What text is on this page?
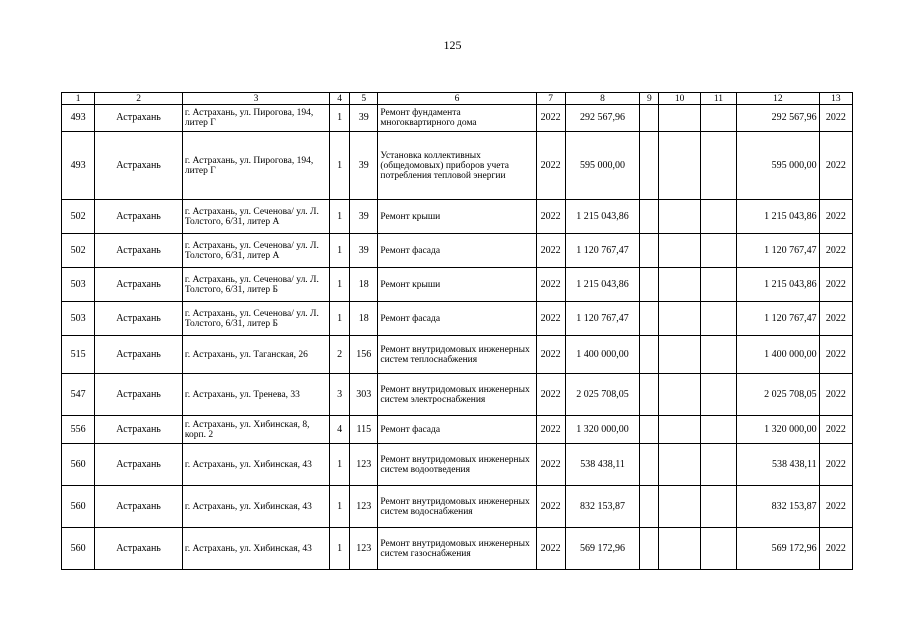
125
1	2	3	4	5	6	7	8	9	10	11	12	13
493	Астрахань	г. Астрахань, ул. Пирогова, 194, литер Г	1	39	Ремонт фундамента многоквартирного дома	2022	292 567,96				292 567,96	2022
493	Астрахань	г. Астрахань, ул. Пирогова, 194, литер Г	1	39	Установка коллективных (общедомовых) приборов учета потребления тепловой энергии	2022	595 000,00				595 000,00	2022
502	Астрахань	г. Астрахань, ул. Сеченова/ ул. Л. Толстого, 6/31, литер А	1	39	Ремонт крыши	2022	1 215 043,86				1 215 043,86	2022
502	Астрахань	г. Астрахань, ул. Сеченова/ ул. Л. Толстого, 6/31, литер А	1	39	Ремонт фасада	2022	1 120 767,47				1 120 767,47	2022
503	Астрахань	г. Астрахань, ул. Сеченова/ ул. Л. Толстого, 6/31, литер Б	1	18	Ремонт крыши	2022	1 215 043,86				1 215 043,86	2022
503	Астрахань	г. Астрахань, ул. Сеченова/ ул. Л. Толстого, 6/31, литер Б	1	18	Ремонт фасада	2022	1 120 767,47				1 120 767,47	2022
515	Астрахань	г. Астрахань, ул. Таганская, 26	2	156	Ремонт внутридомовых инженерных систем теплоснабжения	2022	1 400 000,00				1 400 000,00	2022
547	Астрахань	г. Астрахань, ул. Тренева, 33	3	303	Ремонт внутридомовых инженерных систем электроснабжения	2022	2 025 708,05				2 025 708,05	2022
556	Астрахань	г. Астрахань, ул. Хибинская, 8, корп. 2	4	115	Ремонт фасада	2022	1 320 000,00				1 320 000,00	2022
560	Астрахань	г. Астрахань, ул. Хибинская, 43	1	123	Ремонт внутридомовых инженерных систем водоотведения	2022	538 438,11				538 438,11	2022
560	Астрахань	г. Астрахань, ул. Хибинская, 43	1	123	Ремонт внутридомовых инженерных систем водоснабжения	2022	832 153,87				832 153,87	2022
560	Астрахань	г. Астрахань, ул. Хибинская, 43	1	123	Ремонт внутридомовых инженерных систем газоснабжения	2022	569 172,96				569 172,96	2022
